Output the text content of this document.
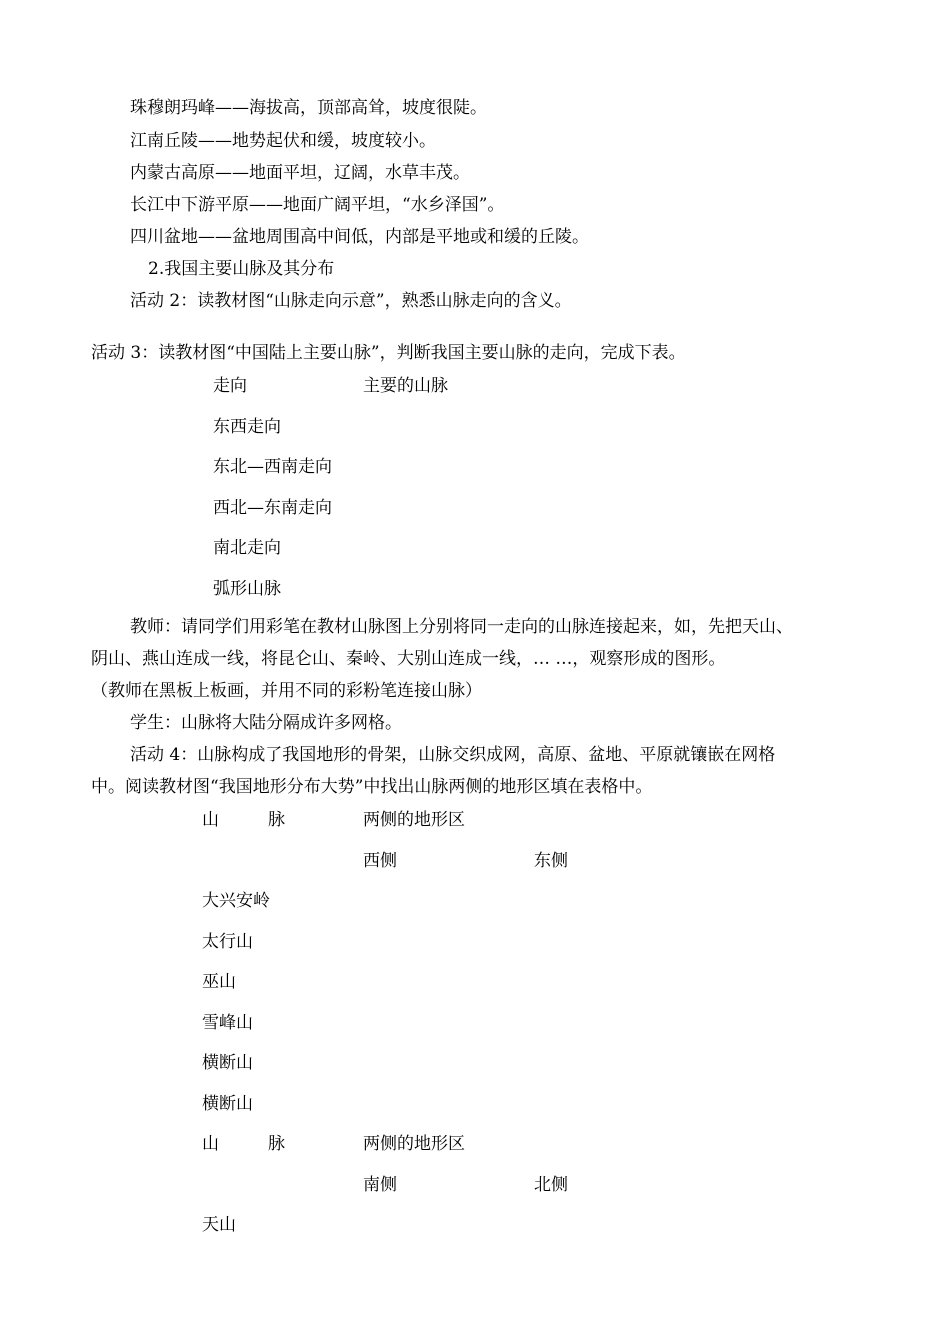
珠穆朗玛峰——海拔高，顶部高耸，坡度很陡。
江南丘陵——地势起伏和缓，坡度较小。
内蒙古高原——地面平坦，辽阔，水草丰茂。
长江中下游平原——地面广阔平坦，“水乡泽国”。
四川盆地——盆地周围高中间低，内部是平地或和缓的丘陵。
2.我国主要山脉及其分布
活动 2：读教材图“山脉走向示意”，熟悉山脉走向的含义。
活动 3：读教材图“中国陆上主要山脉”，判断我国主要山脉的走向，完成下表。
走向	主要的山脉
东西走向
东北—西南走向
西北—东南走向
南北走向
弧形山脉
教师：请同学们用彩笔在教材山脉图上分别将同一走向的山脉连接起来，如，先把天山、
阴山、燕山连成一线，将昆仑山、秦岭、大别山连成一线，… …，观察形成的图形。
（教师在黑板上板画，并用不同的彩粉笔连接山脉）
学生：山脉将大陆分隔成许多网格。
活动 4：山脉构成了我国地形的骨架，山脉交织成网，高原、盆地、平原就镶嵌在网格
中。阅读教材图“我国地形分布大势”中找出山脉两侧的地形区填在表格中。
山	脉	两侧的地形区
西侧	东侧
大兴安岭
太行山
巫山
雪峰山
横断山
横断山
山	脉	两侧的地形区
南侧	北侧
天山
